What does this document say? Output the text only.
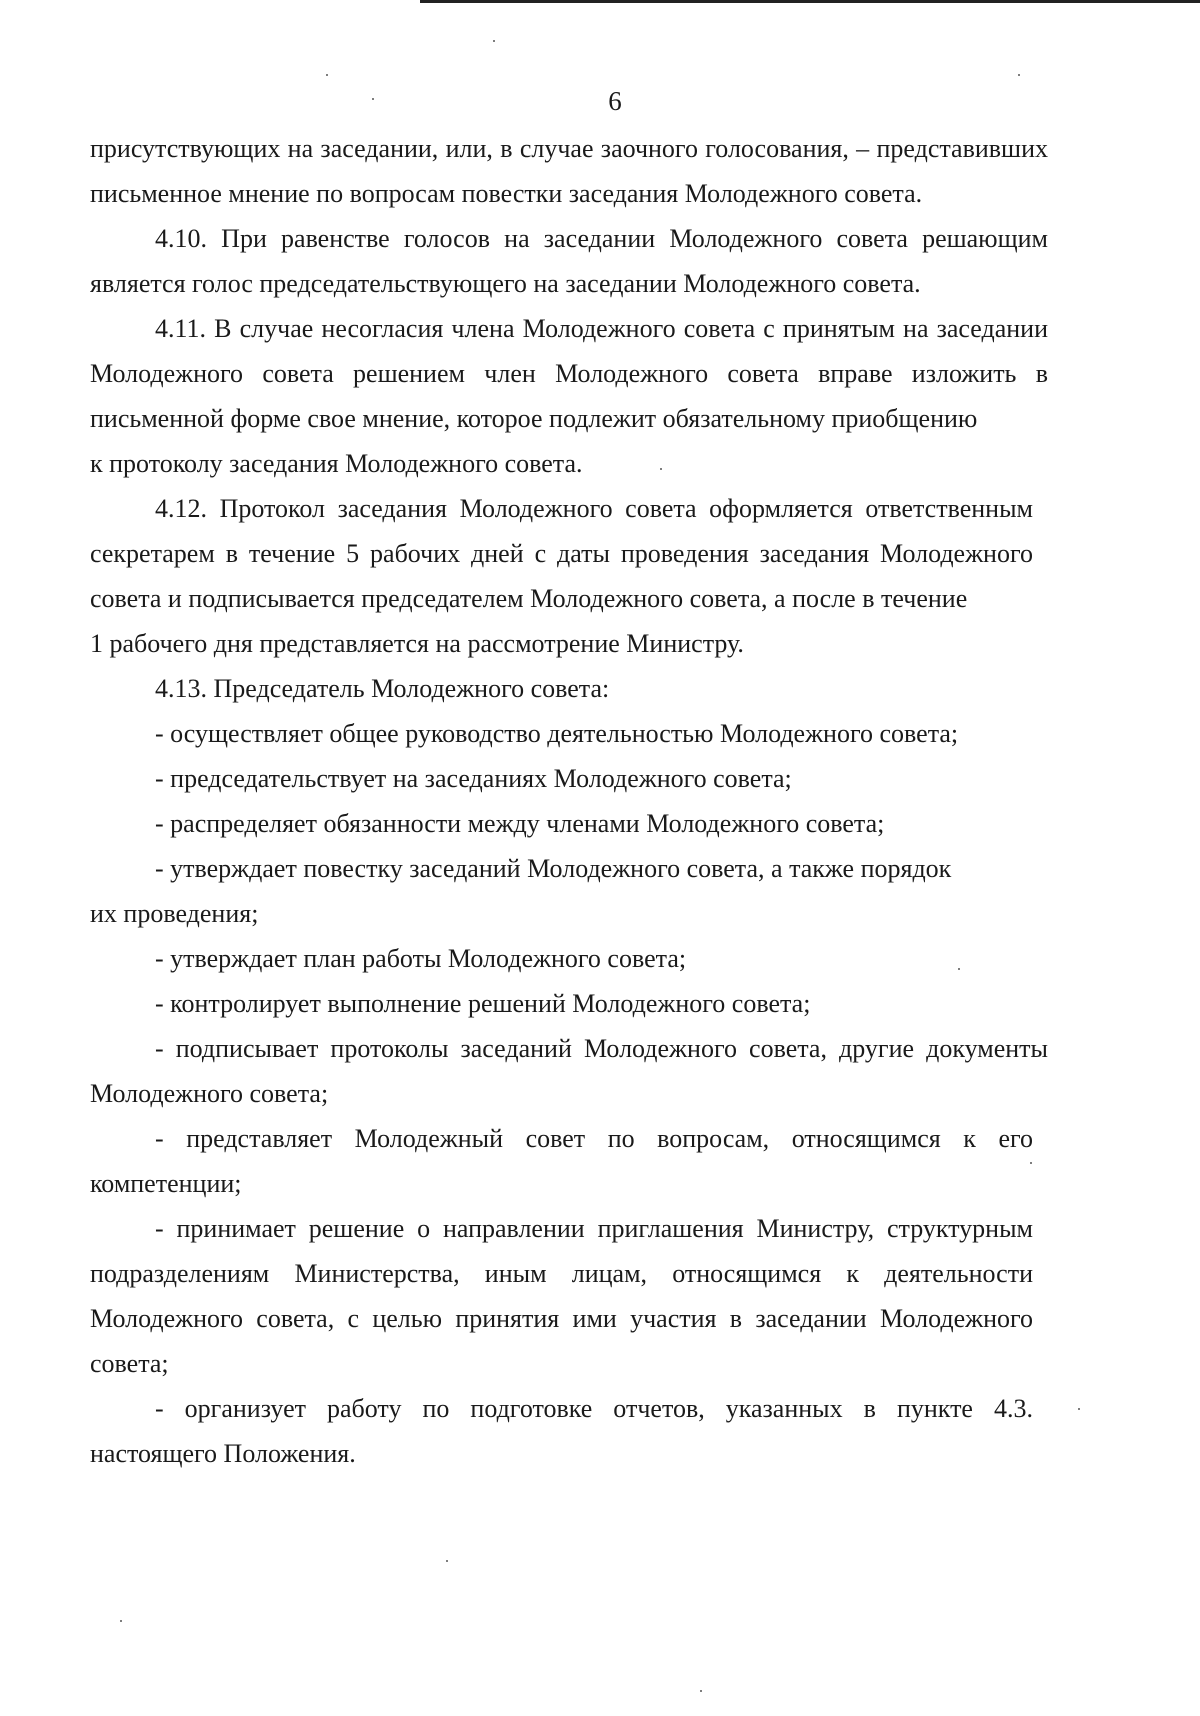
6

присутствующих на заседании, или, в случае заочного голосования, – представивших

письменное мнение по вопросам повестки заседания Молодежного совета.

4.10. При равенстве голосов на заседании Молодежного совета решающим

является голос председательствующего на заседании Молодежного совета.

4.11. В случае несогласия члена Молодежного совета с принятым на заседании

Молодежного совета решением член Молодежного совета вправе изложить в

письменной форме свое мнение, которое подлежит обязательному приобщению

к протоколу заседания Молодежного совета.

4.12. Протокол заседания Молодежного совета оформляется ответственным

секретарем в течение 5 рабочих дней с даты проведения заседания Молодежного

совета и подписывается председателем Молодежного совета, а после в течение

1 рабочего дня представляется на рассмотрение Министру.

4.13. Председатель Молодежного совета:

- осуществляет общее руководство деятельностью Молодежного совета;

- председательствует на заседаниях Молодежного совета;

- распределяет обязанности между членами Молодежного совета;

- утверждает повестку заседаний Молодежного совета, а также порядок

их проведения;

- утверждает план работы Молодежного совета;

- контролирует выполнение решений Молодежного совета;

- подписывает протоколы заседаний Молодежного совета, другие документы

Молодежного совета;

- представляет Молодежный совет по вопросам, относящимся к его

компетенции;

- принимает решение о направлении приглашения Министру, структурным

подразделениям Министерства, иным лицам, относящимся к деятельности

Молодежного совета, с целью принятия ими участия в заседании Молодежного

совета;

- организует работу по подготовке отчетов, указанных в пункте 4.3.

настоящего Положения.
